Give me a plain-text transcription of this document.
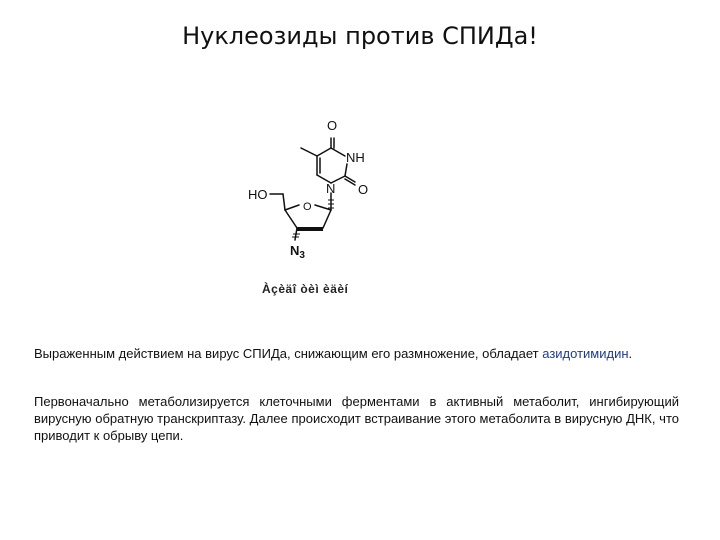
Нуклеозиды против СПИДа!
O
NH
N O
HO
O
$N_3$
Àçèäî òèì èäèí
Выраженным действием на вирус СПИДа, снижающим его размножение, обладает азидотимидин.
Первоначально метаболизируется клеточными ферментами в активный метаболит, ингибирующий вирусную обратную транскриптазу. Далее происходит встраивание этого метаболита в вирусную ДНК, что приводит к обрыву цепи.
